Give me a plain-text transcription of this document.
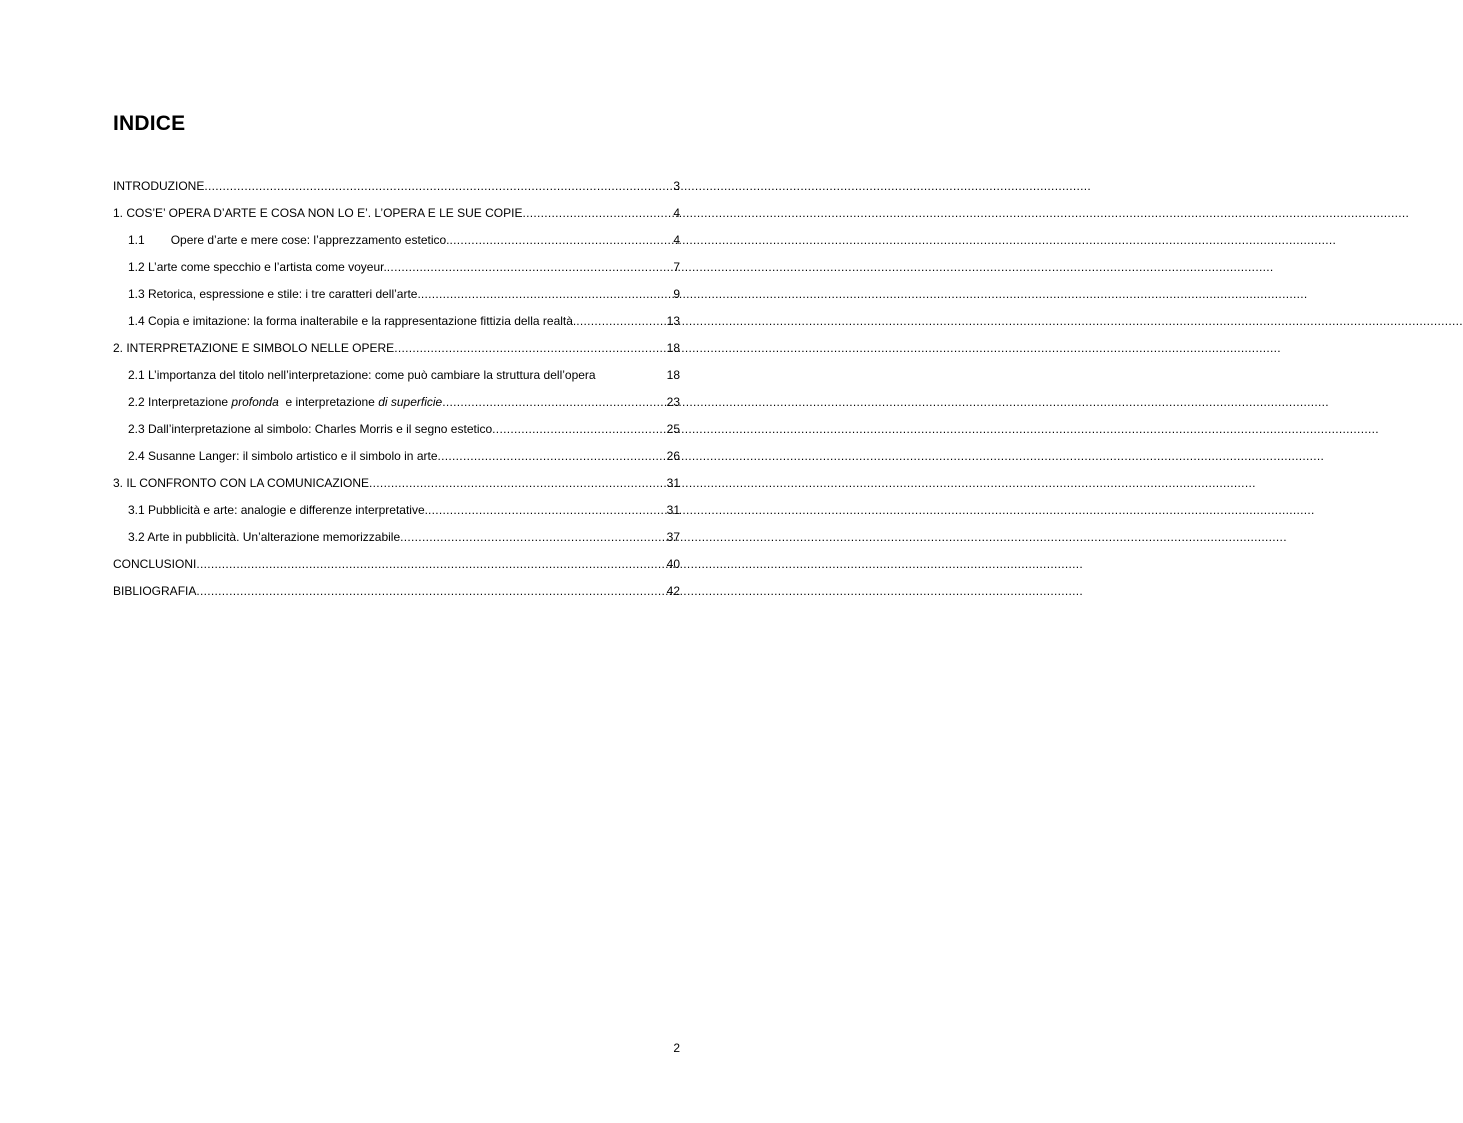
INDICE
INTRODUZIONE .....	3
1. COS’E’ OPERA D’ARTE E COSA NON LO E’. L’OPERA E LE SUE COPIE .....	4
1.1 Opere d’arte e mere cose: l’apprezzamento estetico. .....	4
1.2 L’arte come specchio e l’artista come voyeur. .....	7
1.3 Retorica, espressione e stile: i tre caratteri dell’arte. .....	9
1.4 Copia e imitazione: la forma inalterabile e la rappresentazione fittizia della realtà. .....	13
2. INTERPRETAZIONE E SIMBOLO NELLE OPERE .....	18
2.1 L’importanza del titolo nell’interpretazione: come può cambiare la struttura dell’opera	18
2.2 Interpretazione profonda  e interpretazione di superficie .....	23
2.3 Dall’interpretazione al simbolo: Charles Morris e il segno estetico .....	25
2.4 Susanne Langer: il simbolo artistico e il simbolo in arte .....	26
3. IL CONFRONTO CON LA COMUNICAZIONE .....	31
3.1 Pubblicità e arte: analogie e differenze interpretative. .....	31
3.2 Arte in pubblicità. Un’alterazione memorizzabile .....	37
CONCLUSIONI .....	40
BIBLIOGRAFIA .....	42
2
